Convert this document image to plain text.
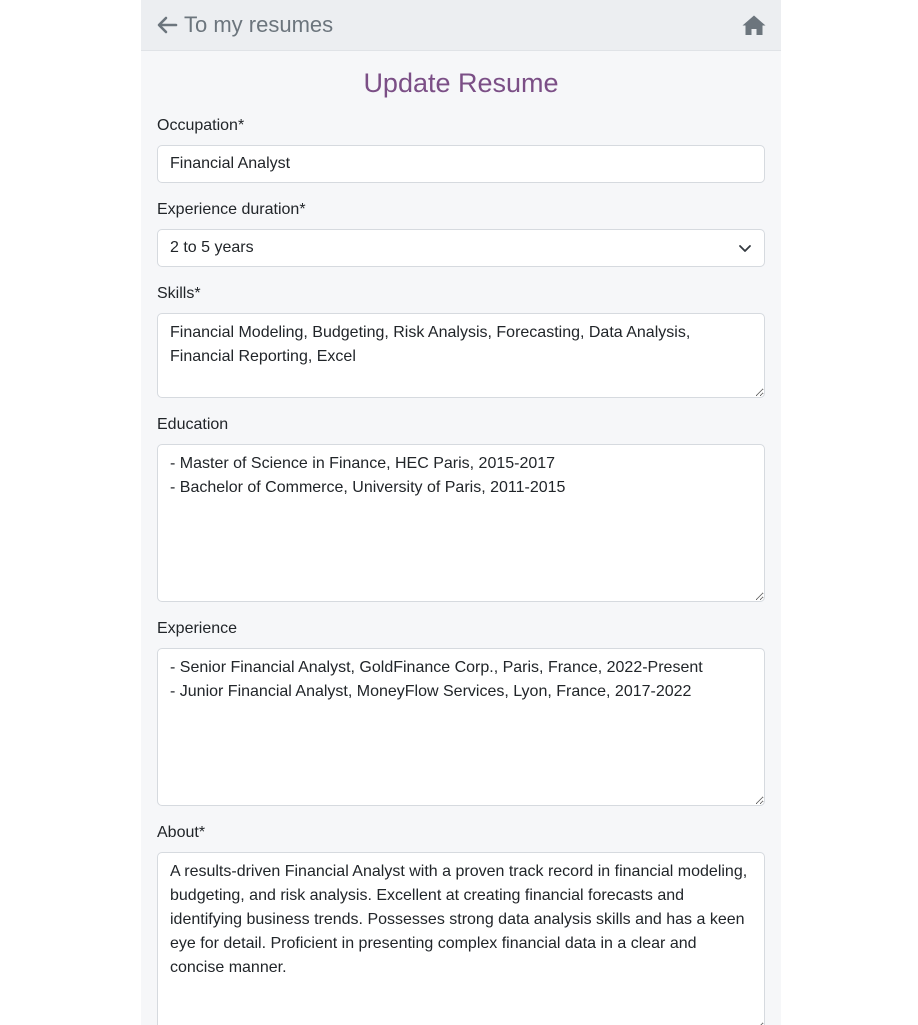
To my resumes
Update Resume
Occupation*
Financial Analyst
Experience duration*
2 to 5 years
Skills*
Financial Modeling, Budgeting, Risk Analysis, Forecasting, Data Analysis, Financial Reporting, Excel
Education
- Master of Science in Finance, HEC Paris, 2015-2017 - Bachelor of Commerce, University of Paris, 2011-2015
Experience
- Senior Financial Analyst, GoldFinance Corp., Paris, France, 2022-Present - Junior Financial Analyst, MoneyFlow Services, Lyon, France, 2017-2022
About*
A results-driven Financial Analyst with a proven track record in financial modeling, budgeting, and risk analysis. Excellent at creating financial forecasts and identifying business trends. Possesses strong data analysis skills and has a keen eye for detail. Proficient in presenting complex financial data in a clear and concise manner.
